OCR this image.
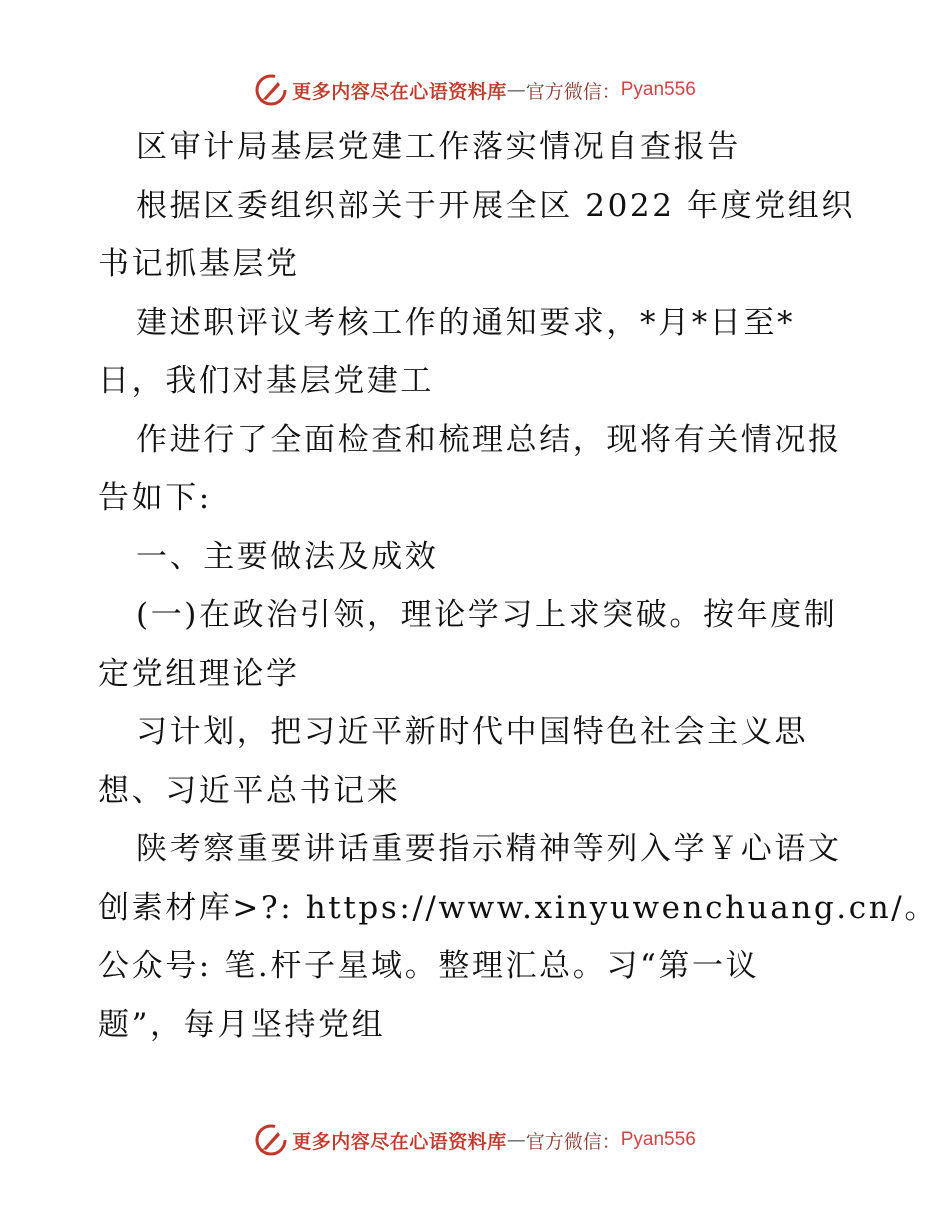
更多内容尽在心语资料库 — 官方微信： Pyan556
区审计局基层党建工作落实情况自查报告
根据区委组织部关于开展全区 2022 年度党组织
书记抓基层党
建述职评议考核工作的通知要求，*月*日至*
日，我们对基层党建工
作进行了全面检查和梳理总结，现将有关情况报
告如下:
一、主要做法及成效
(一)在政治引领，理论学习上求突破。按年度制
定党组理论学
习计划，把习近平新时代中国特色社会主义思
想、习近平总书记来
陕考察重要讲话重要指示精神等列入学￥心语文
创素材库>?: https://www.xinyuwenchuang.cn/。
公众号: 笔.杆子星域。整理汇总。习“第一议
题”，每月坚持党组
更多内容尽在心语资料库 — 官方微信： Pyan556
